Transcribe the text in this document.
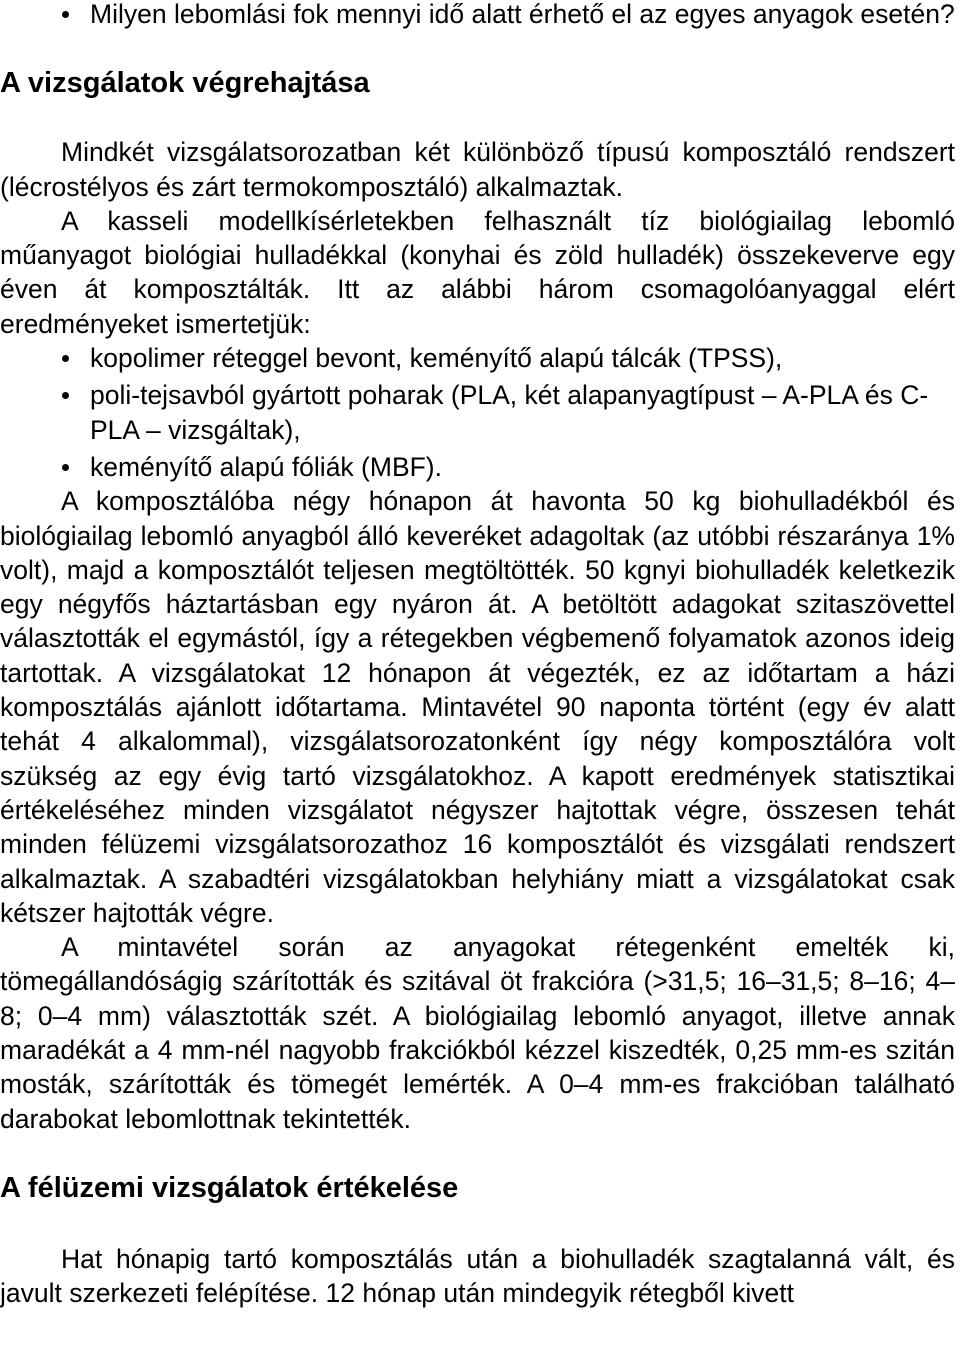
Milyen lebomlási fok mennyi idő alatt érhető el az egyes anyagok esetén?
A vizsgálatok végrehajtása

Mindkét vizsgálatsorozatban két különböző típusú komposztáló rendszert (lécrostélyos és zárt termokomposztáló) alkalmaztak.

A kasseli modellkísérletekben felhasznált tíz biológiailag lebomló műanyagot biológiai hulladékkal (konyhai és zöld hulladék) összekeverve egy éven át komposztálták. Itt az alábbi három csomagolóanyaggal elért eredményeket ismertetjük:

kopolimer réteggel bevont, keményítő alapú tálcák (TPSS),
poli-tejsavból gyártott poharak (PLA, két alapanyagtípust – A-PLA és C-PLA – vizsgáltak),
keményítő alapú fóliák (MBF).

A komposztálóba négy hónapon át havonta 50 kg biohulladékból és biológiailag lebomló anyagból álló keveréket adagoltak (az utóbbi részaránya 1% volt), majd a komposztálót teljesen megtöltötték. 50 kgnyi biohulladék keletkezik egy négyfős háztartásban egy nyáron át. A betöltött adagokat szitaszövettel választották el egymástól, így a rétegekben végbemenő folyamatok azonos ideig tartottak. A vizsgálatokat 12 hónapon át végezték, ez az időtartam a házi komposztálás ajánlott időtartama. Mintavétel 90 naponta történt (egy év alatt tehát 4 alkalommal), vizsgálatsorozatonként így négy komposztálóra volt szükség az egy évig tartó vizsgálatokhoz. A kapott eredmények statisztikai értékeléséhez minden vizsgálatot négyszer hajtottak végre, összesen tehát minden félüzemi vizsgálatsorozathoz 16 komposztálót és vizsgálati rendszert alkalmaztak. A szabadtéri vizsgálatokban helyhiány miatt a vizsgálatokat csak kétszer hajtották végre.

A mintavétel során az anyagokat rétegenként emelték ki, tömegállandóságig szárították és szitával öt frakcióra (>31,5; 16–31,5; 8–16; 4–8; 0–4 mm) választották szét. A biológiailag lebomló anyagot, illetve annak maradékát a 4 mm-nél nagyobb frakciókból kézzel kiszedték, 0,25 mm-es szitán mosták, szárították és tömegét lemérték. A 0–4 mm-es frakcióban található darabokat lebomlottnak tekintették.

A félüzemi vizsgálatok értékelése

Hat hónapig tartó komposztálás után a biohulladék szagtalanná vált, és javult szerkezeti felépítése. 12 hónap után mindegyik rétegből kivett
